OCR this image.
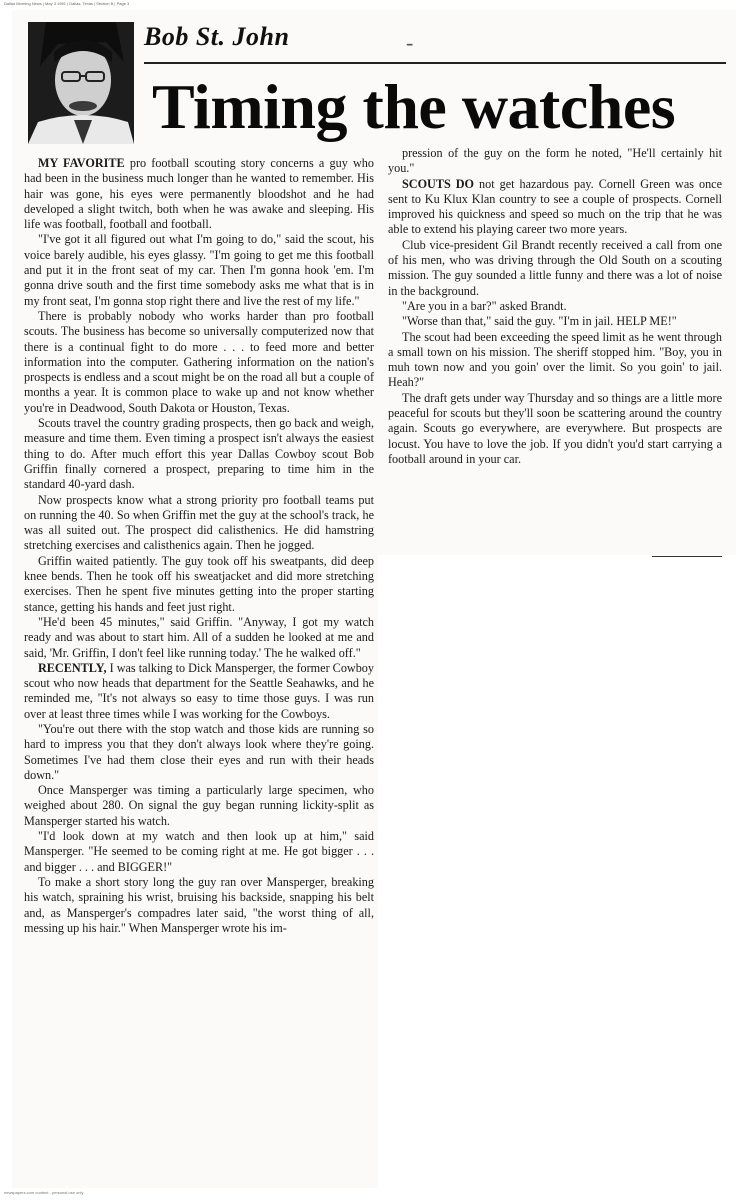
Dallas Morning News | May 3 1981 | Dallas, Texas | Section B | Page 3
Bob St. John	-
Timing the watches

MY FAVORITE pro football scouting story concerns a guy who had been in the business much longer than he wanted to remember. His hair was gone, his eyes were permanently bloodshot and he had developed a slight twitch, both when he was awake and sleeping. His life was football, football and football.

"I've got it all figured out what I'm going to do," said the scout, his voice barely audible, his eyes glassy. "I'm going to get me this football and put it in the front seat of my car. Then I'm gonna hook 'em. I'm gonna drive south and the first time somebody asks me what that is in my front seat, I'm gonna stop right there and live the rest of my life."

There is probably nobody who works harder than pro football scouts. The business has become so universally computerized now that there is a continual fight to do more . . . to feed more and better information into the computer. Gathering information on the nation's prospects is endless and a scout might be on the road all but a couple of months a year. It is common place to wake up and not know whether you're in Deadwood, South Dakota or Houston, Texas.

Scouts travel the country grading prospects, then go back and weigh, measure and time them. Even timing a prospect isn't always the easiest thing to do. After much effort this year Dallas Cowboy scout Bob Griffin finally cornered a prospect, preparing to time him in the standard 40-yard dash.

Now prospects know what a strong priority pro football teams put on running the 40. So when Griffin met the guy at the school's track, he was all suited out. The prospect did calisthenics. He did hamstring stretching exercises and calisthenics again. Then he jogged.

Griffin waited patiently. The guy took off his sweatpants, did deep knee bends. Then he took off his sweatjacket and did more stretching exercises. Then he spent five minutes getting into the proper starting stance, getting his hands and feet just right.

"He'd been 45 minutes," said Griffin. "Anyway, I got my watch ready and was about to start him. All of a sudden he looked at me and said, 'Mr. Griffin, I don't feel like running today.' The he walked off."

RECENTLY, I was talking to Dick Mansperger, the former Cowboy scout who now heads that department for the Seattle Seahawks, and he reminded me, "It's not always so easy to time those guys. I was run over at least three times while I was working for the Cowboys.

"You're out there with the stop watch and those kids are running so hard to impress you that they don't always look where they're going. Sometimes I've had them close their eyes and run with their heads down."

Once Mansperger was timing a particularly large specimen, who weighed about 280. On signal the guy began running lickity-split as Mansperger started his watch.

"I'd look down at my watch and then look up at him," said Mansperger. "He seemed to be coming right at me. He got bigger . . . and bigger . . . and BIGGER!"

To make a short story long the guy ran over Mansperger, breaking his watch, spraining his wrist, bruising his backside, snapping his belt and, as Mansperger's compadres later said, "the worst thing of all, messing up his hair." When Mansperger wrote his im-

pression of the guy on the form he noted, "He'll certainly hit you."

SCOUTS DO not get hazardous pay. Cornell Green was once sent to Ku Klux Klan country to see a couple of prospects. Cornell improved his quickness and speed so much on the trip that he was able to extend his playing career two more years.

Club vice-president Gil Brandt recently received a call from one of his men, who was driving through the Old South on a scouting mission. The guy sounded a little funny and there was a lot of noise in the background.

"Are you in a bar?" asked Brandt.

"Worse than that," said the guy. "I'm in jail. HELP ME!"

The scout had been exceeding the speed limit as he went through a small town on his mission. The sheriff stopped him. "Boy, you in muh town now and you goin' over the limit. So you goin' to jail. Heah?"

The draft gets under way Thursday and so things are a little more peaceful for scouts but they'll soon be scattering around the country again. Scouts go everywhere, are everywhere. But prospects are locust. You have to love the job. If you didn't you'd start carrying a football around in your car.

newspapers.com content - personal use only
